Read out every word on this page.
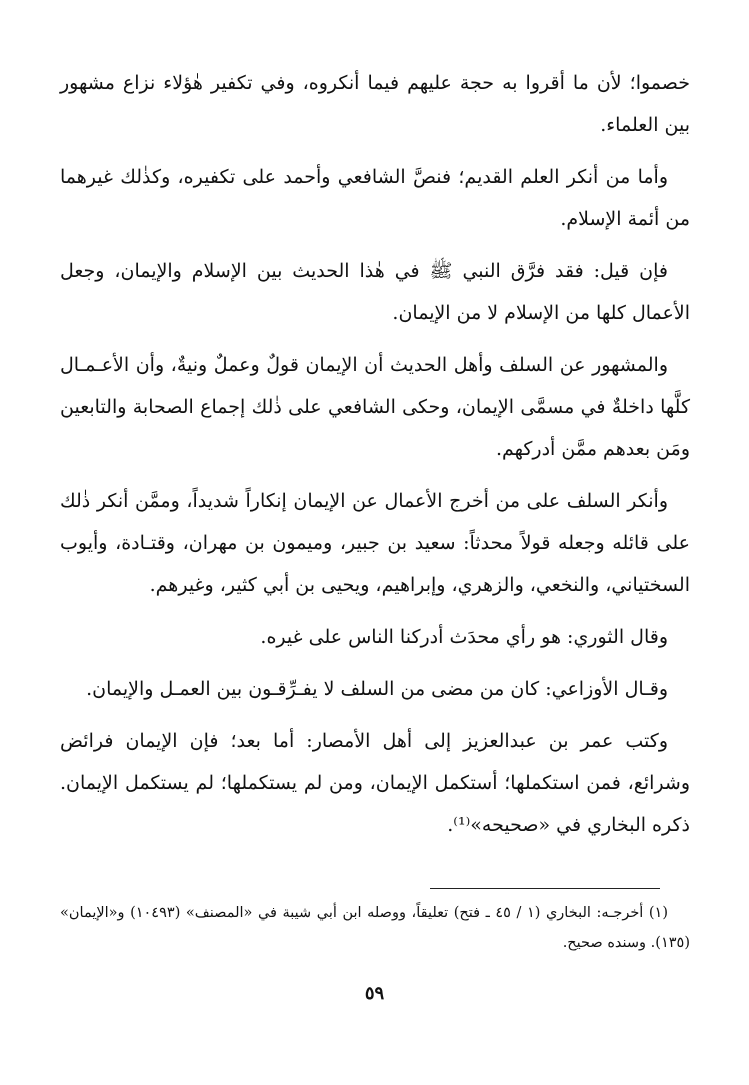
خصموا؛ لأن ما أقروا به حجة عليهم فيما أنكروه، وفي تكفير هٰؤلاء نزاع مشهور بين العلماء.

وأما من أنكر العلم القديم؛ فنصَّ الشافعي وأحمد على تكفيره، وكذٰلك غيرهما من أئمة الإسلام.

فإن قيل: فقد فرَّق النبي ﷺ في هٰذا الحديث بين الإسلام والإيمان، وجعل الأعمال كلها من الإسلام لا من الإيمان.

والمشهور عن السلف وأهل الحديث أن الإيمان قولٌ وعملٌ ونيةٌ، وأن الأعـمـال كلَّها داخلةٌ في مسمَّى الإيمان، وحكى الشافعي على ذٰلك إجماع الصحابة والتابعين ومَن بعدهم ممَّن أدركهم.

وأنكر السلف على من أخرج الأعمال عن الإيمان إنكاراً شديداً، وممَّن أنكر ذٰلك على قائله وجعله قولاً محدثاً: سعيد بن جبير، وميمون بن مهران، وقتـادة، وأيوب السختياني، والنخعي، والزهري، وإبراهيم، ويحيى بن أبي كثير، وغيرهم.

وقال الثوري: هو رأي محدَث أدركنا الناس على غيره.

وقـال الأوزاعي: كان من مضى من السلف لا يفـرِّقـون بين العمـل والإيمان.

وكتب عمر بن عبدالعزيز إلى أهل الأمصار: أما بعد؛ فإن الإيمان فرائض وشرائع، فمن استكملها؛ أستكمل الإيمان، ومن لم يستكملها؛ لم يستكمل الإيمان. ذكره البخاري في «صحيحه»⁽¹⁾.

(١) أخرجـه: البخاري (١ / ٤٥ ـ فتح) تعليقاً، ووصله ابن أبي شيبة في «المصنف» (١٠٤٩٣) و«الإيمان» (١٣٥). وسنده صحيح.

٥٩
